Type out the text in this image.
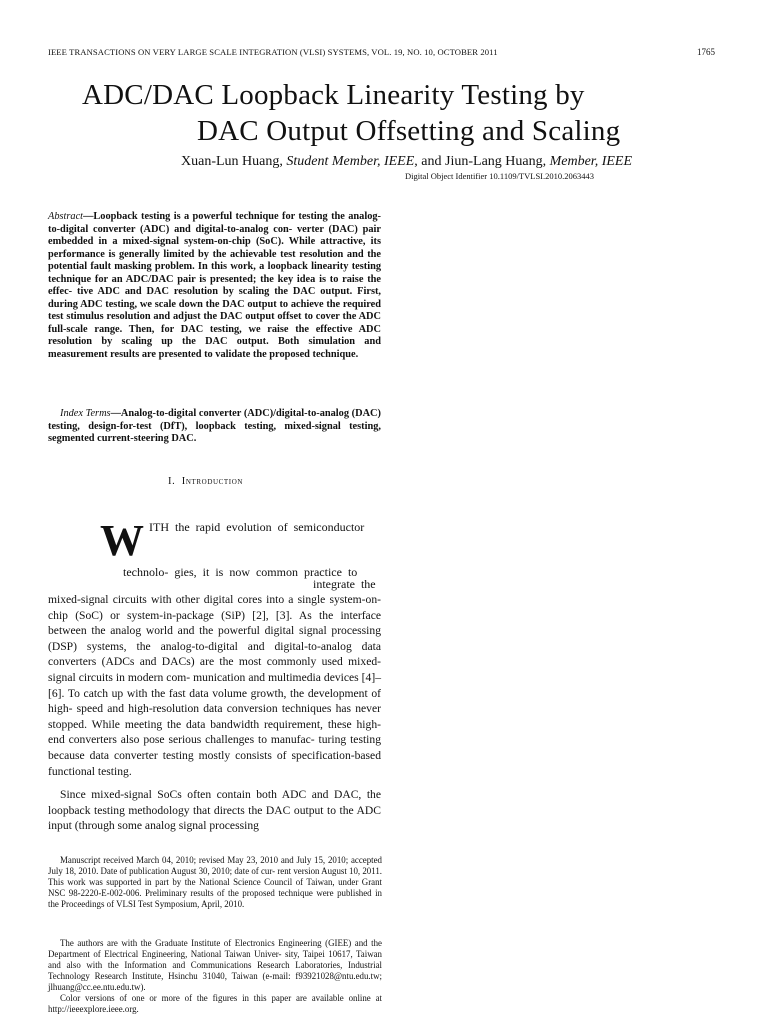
IEEE TRANSACTIONS ON VERY LARGE SCALE INTEGRATION (VLSI) SYSTEMS, VOL. 19, NO. 10, OCTOBER 2011	1765
ADC/DAC Loopback Linearity Testing by
DAC Output Offsetting and Scaling
Xuan-Lun Huang, Student Member, IEEE, and Jiun-Lang Huang, Member, IEEE
Digital Object Identifier 10.1109/TVLSI.2010.2063443
Abstract—Loopback testing is a powerful technique for testing the analog-to-digital converter (ADC) and digital-to-analog con- verter (DAC) pair embedded in a mixed-signal system-on-chip (SoC). While attractive, its performance is generally limited by the achievable test resolution and the potential fault masking problem. In this work, a loopback linearity testing technique for an ADC/DAC pair is presented; the key idea is to raise the effec- tive ADC and DAC resolution by scaling the DAC output. First, during ADC testing, we scale down the DAC output to achieve the required test stimulus resolution and adjust the DAC output offset to cover the ADC full-scale range. Then, for DAC testing, we raise the effective ADC resolution by scaling up the DAC output. Both simulation and measurement results are presented to validate the proposed technique.
Index Terms—Analog-to-digital converter (ADC)/digital-to-analog (DAC) testing, design-for-test (DfT), loopback testing, mixed-signal testing, segmented current-steering DAC.
I. Introduction
W ITH the rapid evolution of semiconductor
technolo- gies, it is now common practice to
integrate the
mixed-signal circuits with other digital cores into a single system-on-chip (SoC) or system-in-package (SiP) [2], [3]. As the interface between the analog world and the powerful digital signal processing (DSP) systems, the analog-to-digital and digital-to-analog data converters (ADCs and DACs) are the most commonly used mixed-signal circuits in modern com- munication and multimedia devices [4]–[6]. To catch up with the fast data volume growth, the development of high- speed and high-resolution data conversion techniques has never stopped. While meeting the data bandwidth requirement, these high-end converters also pose serious challenges to manufac- turing testing because data converter testing mostly consists of specification-based functional testing.
Since mixed-signal SoCs often contain both ADC and DAC, the loopback testing methodology that directs the DAC output to the ADC input (through some analog signal processing
Manuscript received March 04, 2010; revised May 23, 2010 and July 15, 2010; accepted July 18, 2010. Date of publication August 30, 2010; date of cur- rent version August 10, 2011. This work was supported in part by the National Science Council of Taiwan, under Grant NSC 98-2220-E-002-006. Preliminary results of the proposed technique were published in the Proceedings of VLSI Test Symposium, April, 2010.
The authors are with the Graduate Institute of Electronics Engineering (GIEE) and the Department of Electrical Engineering, National Taiwan Univer- sity, Taipei 10617, Taiwan and also with the Information and Communications Research Laboratories, Industrial Technology Research Institute, Hsinchu 31040, Taiwan (e-mail: f93921028@ntu.edu.tw; jlhuang@cc.ee.ntu.edu.tw).
Color versions of one or more of the figures in this paper are available online at http://ieeexplore.ieee.org.
